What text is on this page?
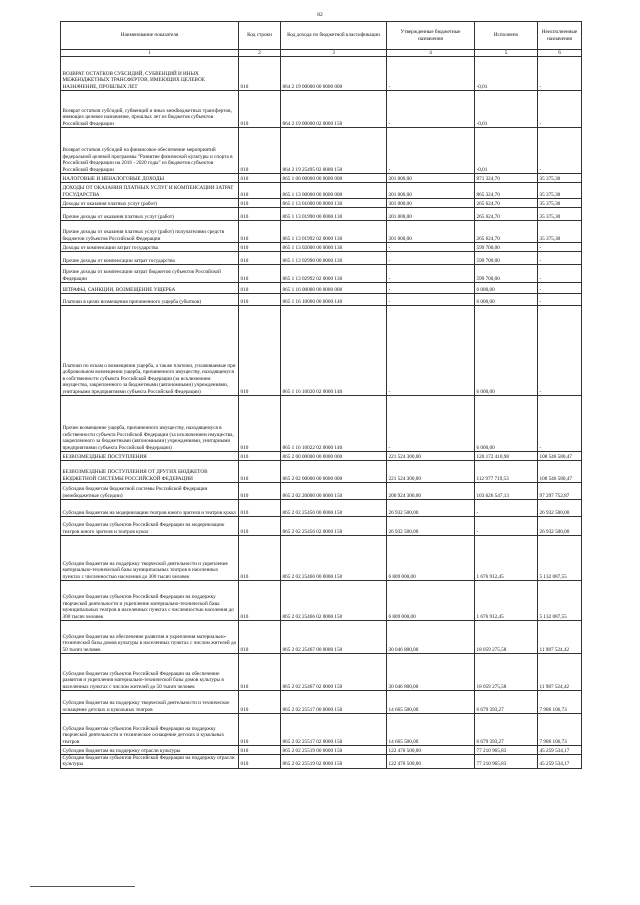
82
Наименование показателя	Код строки	Код дохода по бюджетной классификации	Утвержденные бюджетные назначения	Исполнено	Неисполненные назначения
1	2	3	4	5	6
ВОЗВРАТ ОСТАТКОВ СУБСИДИЙ, СУБВЕНЦИЙ И ИНЫХ МЕЖБЮДЖЕТНЫХ ТРАНСФЕРТОВ, ИМЕЮЩИХ ЦЕЛЕВОЕ НАЗНАЧЕНИЕ, ПРОШЛЫХ ЛЕТ	010	864 2 19 00000 00 0000 000	-	-0,01	-
Возврат остатков субсидий, субвенций и иных межбюджетных трансфертов, имеющих целевое назначение, прошлых лет из бюджетов субъектов Российской Федерации	010	864 2 19 00000 02 0000 150	-	-0,01	-
Возврат остатков субсидий на финансовое обеспечение мероприятий федеральной целевой программы "Развитие физической культуры и спорта в Российской Федерации на 2016 - 2020 годы" из бюджетов субъектов Российской Федерации	010	864 2 19 25495 02 0000 150	-	-0,01	-
НАЛОГОВЫЕ И НЕНАЛОГОВЫЕ ДОХОДЫ	010	865 1 00 00000 00 0000 000	301 000,00	871 324,70	35 375,30
ДОХОДЫ ОТ ОКАЗАНИЯ ПЛАТНЫХ УСЛУГ И КОМПЕНСАЦИИ ЗАТРАТ ГОСУДАРСТВА	010	865 1 13 00000 00 0000 000	301 000,00	865 324,70	35 375,30
Доходы от оказания платных услуг (работ)	010	865 1 13 01000 00 0000 130	301 000,00	265 624,70	35 375,30
Прочие доходы от оказания платных услуг (работ)	010	865 1 13 01990 00 0000 130	301 000,00	265 624,70	35 375,30
Прочие доходы от оказания платных услуг (работ) получателями средств бюджетов субъектов Российской Федерации	010	865 1 13 01992 02 0000 130	301 000,00	265 624,70	35 375,30
Доходы от компенсации затрат государства	010	865 1 13 02000 00 0000 130	-	599 700,00	-
Прочие доходы от компенсации затрат государства	010	865 1 13 02990 00 0000 130	-	599 700,00	-
Прочие доходы от компенсации затрат бюджетов субъектов Российской Федерации	010	865 1 13 02992 02 0000 130	-	599 700,00	-
ШТРАФЫ, САНКЦИИ, ВОЗМЕЩЕНИЕ УЩЕРБА	010	865 1 16 00000 00 0000 000	-	6 000,00	-
Платежи в целях возмещения причиненного ущерба (убытков)	010	865 1 16 10000 00 0000 140	-	6 000,00	-
Платежи по искам о возмещении ущерба, а также платежи, уплачиваемые при добровольном возмещении ущерба, причиненного имуществу, находящемуся в собственности субъекта Российской Федерации (за исключением имущества, закрепленного за бюджетными (автономными) учреждениями, унитарными предприятиями субъекта Российской Федерации)	010	865 1 16 10020 02 0000 140	-	6 000,00	-
Прочее возмещение ущерба, причиненного имуществу, находящемуся в собственности субъекта Российской Федерации (за исключением имущества, закрепленного за бюджетными (автономными) учреждениями, унитарными предприятиями субъекта Российской Федерации)	010	865 1 16 10022 02 0000 140	-	6 000,00	-
БЕЗВОЗМЕЗДНЫЕ ПОСТУПЛЕНИЯ	010	865 2 00 00000 00 0000 000	221 524 300,00	120 172 410,98	108 546 580,47
БЕЗВОЗМЕЗДНЫЕ ПОСТУПЛЕНИЯ ОТ ДРУГИХ БЮДЖЕТОВ БЮДЖЕТНОЙ СИСТЕМЫ РОССИЙСКОЙ ФЕДЕРАЦИИ	010	865 2 02 00000 00 0000 000	221 524 300,00	112 977 719,53	108 546 580,47
Субсидии бюджетам бюджетной системы Российской Федерации (межбюджетные субсидии)	010	865 2 02 20000 00 0000 150	200 924 300,00	103 626 547,13	97 297 752,87
Субсидии бюджетам на модернизацию театров юного зрителя и театров кукол	010	865 2 02 25456 00 0000 150	26 932 500,00	-	26 932 500,00
Субсидии бюджетам субъектов Российской Федерации на модернизацию театров юного зрителя и театров кукол	010	865 2 02 25456 02 0000 150	26 932 500,00	-	26 932 500,00
Субсидии бюджетам на поддержку творческой деятельности и укрепление материально-технической базы муниципальных театров в населенных пунктах с численностью населения до 300 тысяч человек	010	865 2 02 25466 00 0000 150	6 809 000,00	1 676 912,45	5 132 087,55
Субсидии бюджетам субъектов Российской Федерации на поддержку творческой деятельности и укрепление материально-технической базы муниципальных театров в населенных пунктах с численностью населения до 300 тысяч человек	010	865 2 02 25466 02 0000 150	6 809 000,00	1 676 912,45	5 132 087,55
Субсидии бюджетам на обеспечение развития и укрепления материально-технической базы домов культуры в населенных пунктах с числом жителей до 50 тысяч человек	010	865 2 02 25467 00 0000 150	30 046 800,00	18 059 275,58	11 987 524,42
Субсидии бюджетам субъектов Российской Федерации на обеспечение развития и укрепления материально-технической базы домов культуры в населенных пунктах с числом жителей до 50 тысяч человек	010	865 2 02 25467 02 0000 150	30 046 800,00	18 059 275,58	11 987 524,42
Субсидии бюджетам на поддержку творческой деятельности и техническое оснащение детских и кукольных театров	010	865 2 02 25517 00 0000 150	14 665 500,00	6 679 393,27	7 986 106,73
Субсидии бюджетам субъектов Российской Федерации на поддержку творческой деятельности и техническое оснащение детских и кукольных театров	010	865 2 02 25517 02 0000 150	14 665 500,00	6 679 393,27	7 986 106,73
Субсидии бюджетам на поддержку отрасли культуры	010	865 2 02 25519 00 0000 150	122 470 500,00	77 210 965,83	45 259 534,17
Субсидии бюджетам субъектов Российской Федерации на поддержку отрасли культуры	010	865 2 02 25519 02 0000 150	122 470 500,00	77 210 965,83	45 259 534,17
